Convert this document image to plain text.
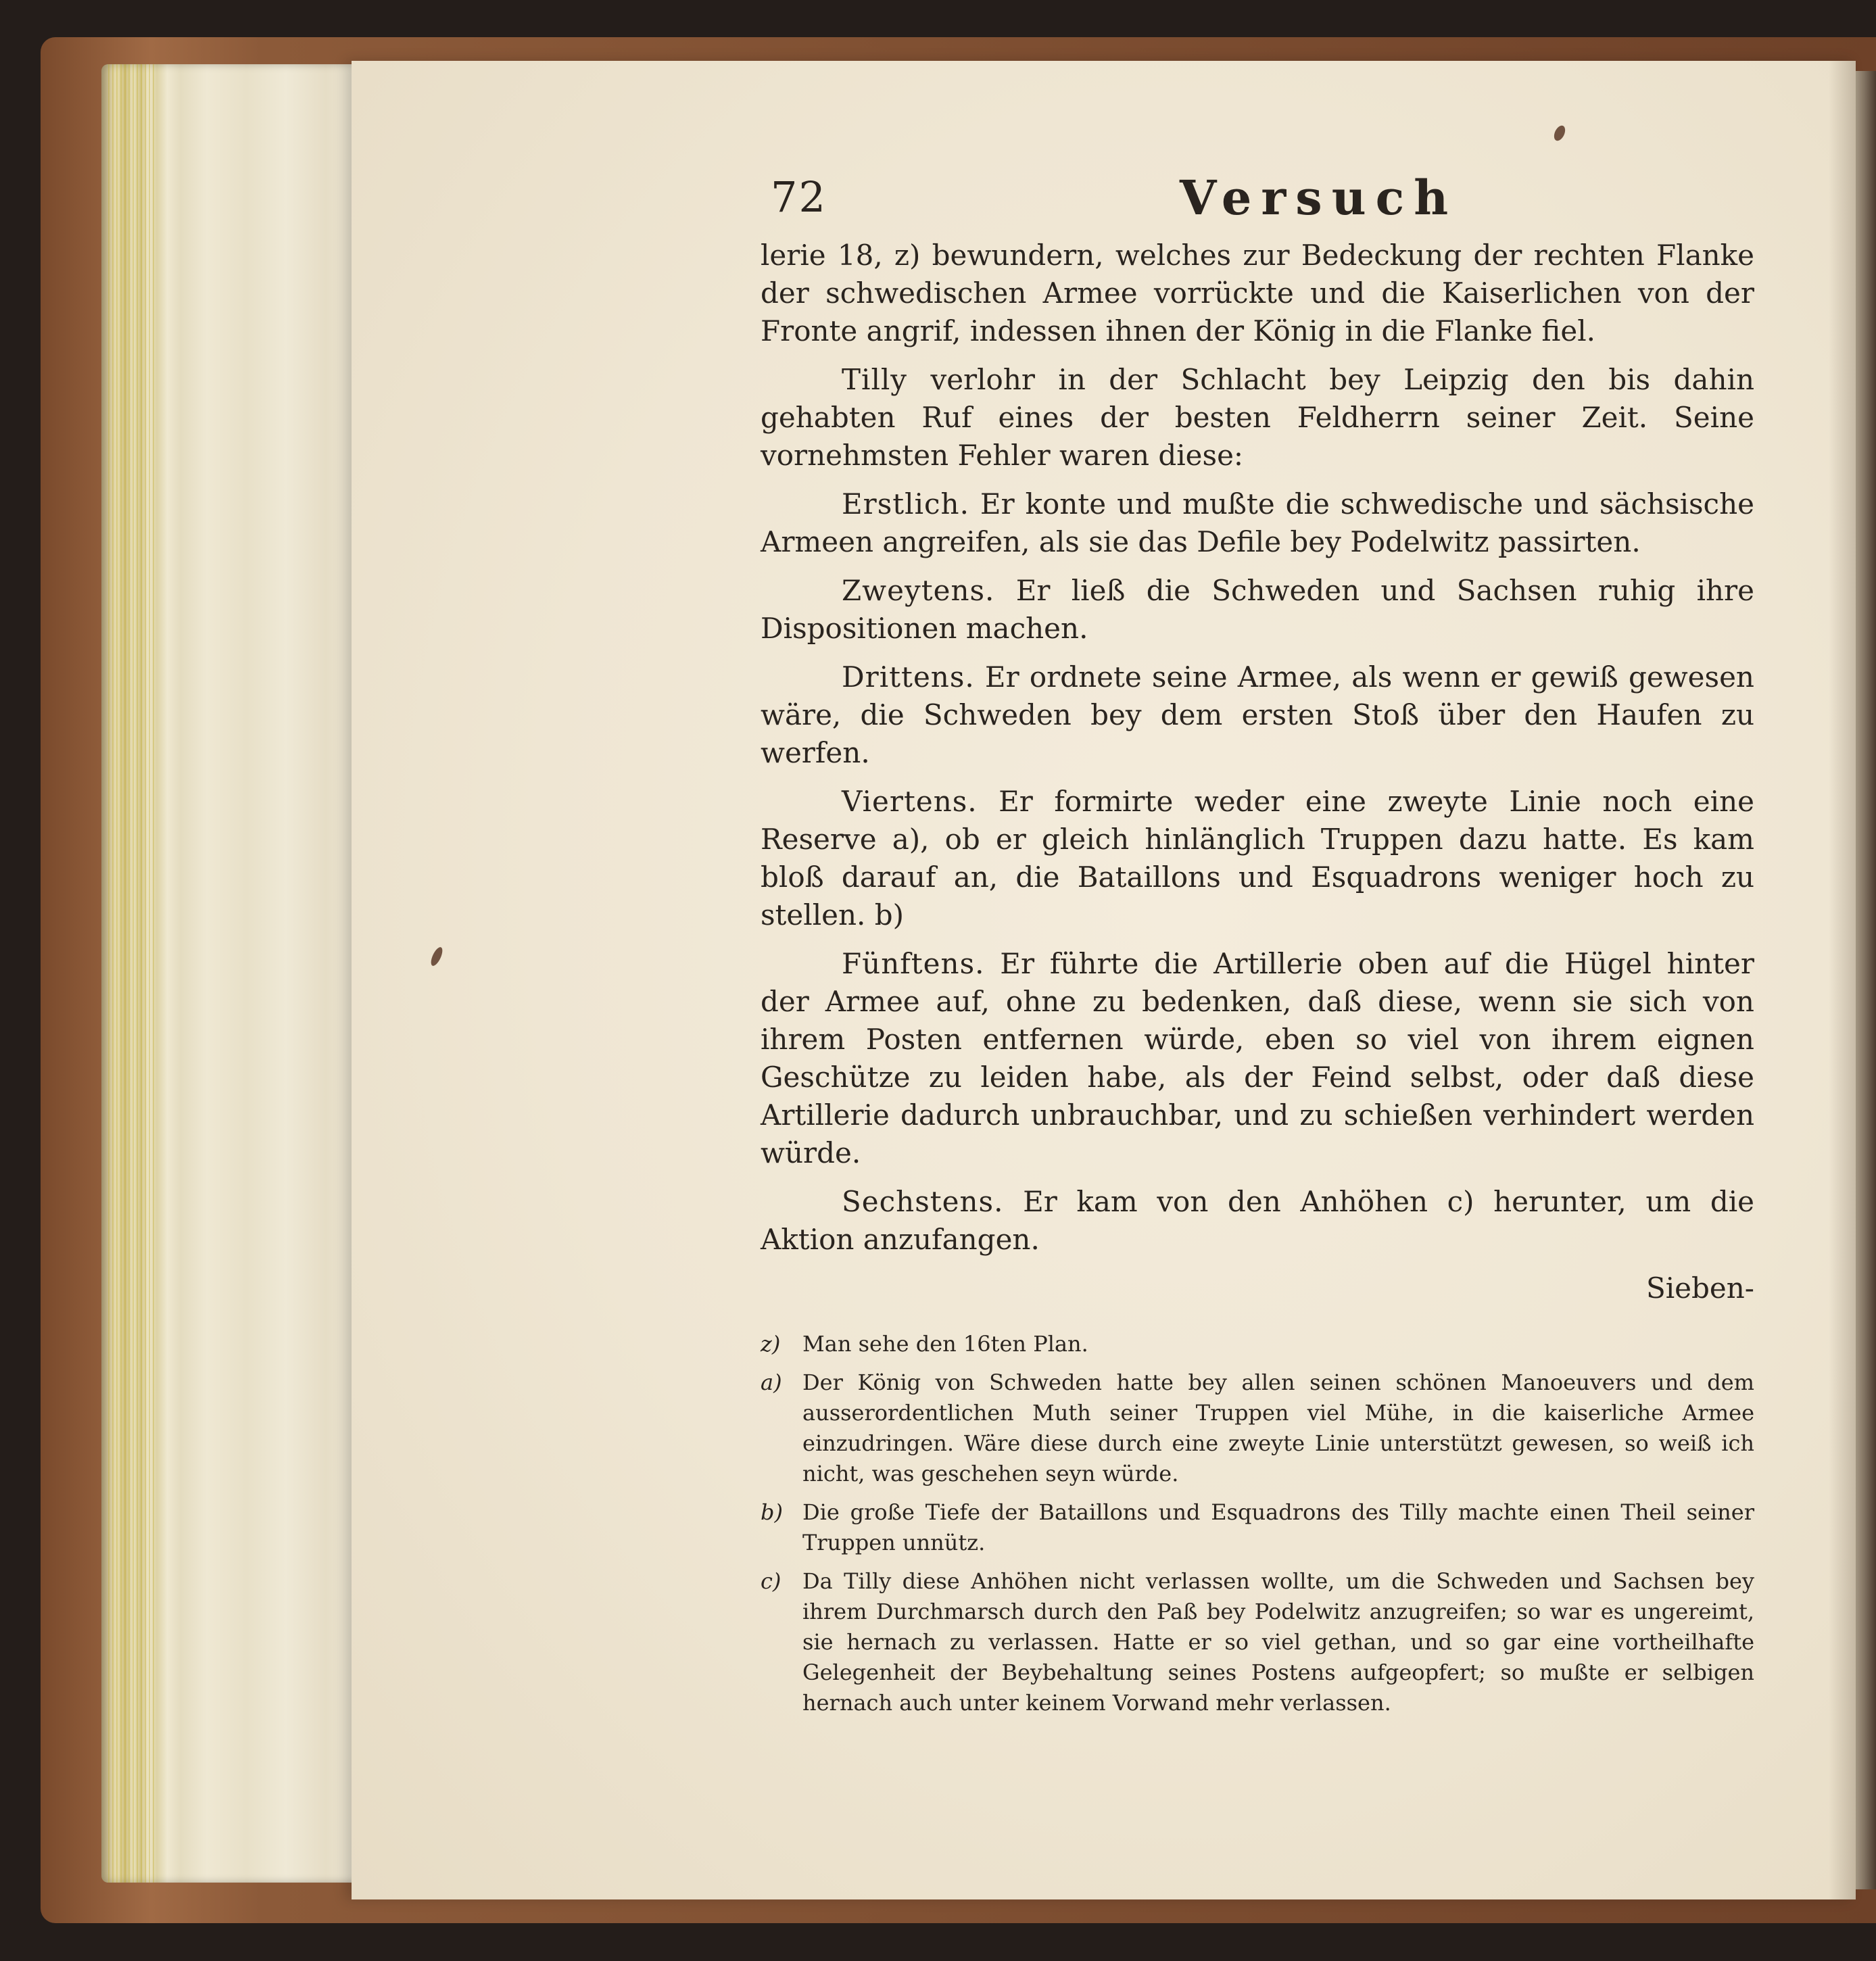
72	Versuch

lerie 18, z) bewundern, welches zur Bedeckung der rechten Flanke der schwedischen Armee vorrückte und die Kaiserlichen von der Fronte angrif, indessen ihnen der König in die Flanke fiel.

Tilly verlohr in der Schlacht bey Leipzig den bis dahin gehabten Ruf eines der besten Feldherrn seiner Zeit. Seine vornehmsten Fehler waren diese:

Erstlich. Er konte und mußte die schwedische und sächsische Armeen angreifen, als sie das Defile bey Podelwitz passirten.

Zweytens. Er ließ die Schweden und Sachsen ruhig ihre Dispositionen machen.

Drittens. Er ordnete seine Armee, als wenn er gewiß gewesen wäre, die Schweden bey dem ersten Stoß über den Haufen zu werfen.

Viertens. Er formirte weder eine zweyte Linie noch eine Reserve a), ob er gleich hinlänglich Truppen dazu hatte. Es kam bloß darauf an, die Bataillons und Esquadrons weniger hoch zu stellen. b)

Fünftens. Er führte die Artillerie oben auf die Hügel hinter der Armee auf, ohne zu bedenken, daß diese, wenn sie sich von ihrem Posten entfernen würde, eben so viel von ihrem eignen Geschütze zu leiden habe, als der Feind selbst, oder daß diese Artillerie dadurch unbrauchbar, und zu schießen verhindert werden würde.

Sechstens. Er kam von den Anhöhen c) herunter, um die Aktion anzufangen.

Sieben-

z) Man sehe den 16ten Plan.

a) Der König von Schweden hatte bey allen seinen schönen Manoeuvers und dem ausserordentlichen Muth seiner Truppen viel Mühe, in die kaiserliche Armee einzudringen. Wäre diese durch eine zweyte Linie unterstützt gewesen, so weiß ich nicht, was geschehen seyn würde.

b) Die große Tiefe der Bataillons und Esquadrons des Tilly machte einen Theil seiner Truppen unnütz.

c) Da Tilly diese Anhöhen nicht verlassen wollte, um die Schweden und Sachsen bey ihrem Durchmarsch durch den Paß bey Podelwitz anzugreifen; so war es ungereimt, sie hernach zu verlassen. Hatte er so viel gethan, und so gar eine vortheilhafte Gelegenheit der Beybehaltung seines Postens aufgeopfert; so mußte er selbigen hernach auch unter keinem Vorwand mehr verlassen.
